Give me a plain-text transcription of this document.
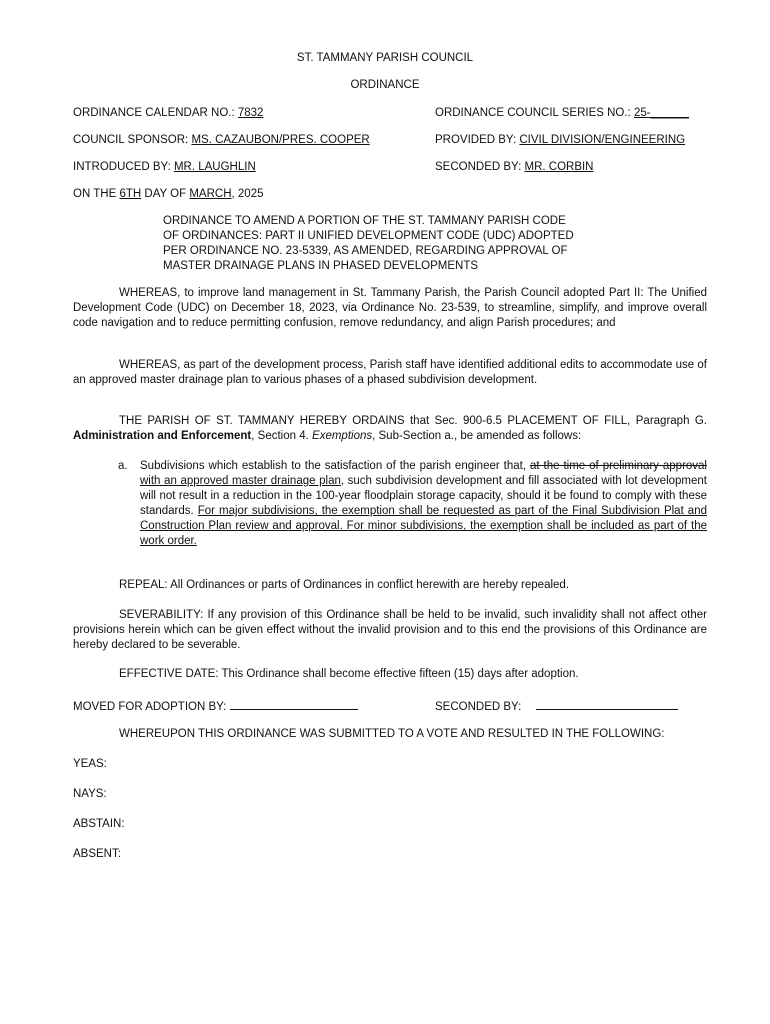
ST. TAMMANY PARISH COUNCIL
ORDINANCE
ORDINANCE CALENDAR NO.: 7832	ORDINANCE COUNCIL SERIES NO.: 25-______
COUNCIL SPONSOR: MS. CAZAUBON/PRES. COOPER	PROVIDED BY: CIVIL DIVISION/ENGINEERING
INTRODUCED BY: MR. LAUGHLIN	SECONDED BY: MR. CORBIN
ON THE 6TH DAY OF MARCH, 2025
ORDINANCE TO AMEND A PORTION OF THE ST. TAMMANY PARISH CODE
OF ORDINANCES: PART II UNIFIED DEVELOPMENT CODE (UDC) ADOPTED
PER ORDINANCE NO. 23-5339, AS AMENDED, REGARDING APPROVAL OF
MASTER DRAINAGE PLANS IN PHASED DEVELOPMENTS
WHEREAS, to improve land management in St. Tammany Parish, the Parish Council adopted Part II: The Unified Development Code (UDC) on December 18, 2023, via Ordinance No. 23-539, to streamline, simplify, and improve overall code navigation and to reduce permitting confusion, remove redundancy, and align Parish procedures; and
WHEREAS, as part of the development process, Parish staff have identified additional edits to accommodate use of an approved master drainage plan to various phases of a phased subdivision development.
THE PARISH OF ST. TAMMANY HEREBY ORDAINS that Sec. 900-6.5 PLACEMENT OF FILL, Paragraph G. Administration and Enforcement, Section 4. Exemptions, Sub-Section a., be amended as follows:
a. Subdivisions which establish to the satisfaction of the parish engineer that, at the time of preliminary approval with an approved master drainage plan, such subdivision development and fill associated with lot development will not result in a reduction in the 100-year floodplain storage capacity, should it be found to comply with these standards. For major subdivisions, the exemption shall be requested as part of the Final Subdivision Plat and Construction Plan review and approval. For minor subdivisions, the exemption shall be included as part of the work order.
REPEAL: All Ordinances or parts of Ordinances in conflict herewith are hereby repealed.
SEVERABILITY: If any provision of this Ordinance shall be held to be invalid, such invalidity shall not affect other provisions herein which can be given effect without the invalid provision and to this end the provisions of this Ordinance are hereby declared to be severable.
EFFECTIVE DATE: This Ordinance shall become effective fifteen (15) days after adoption.
MOVED FOR ADOPTION BY:	SECONDED BY:
WHEREUPON THIS ORDINANCE WAS SUBMITTED TO A VOTE AND RESULTED IN THE FOLLOWING:
YEAS:
NAYS:
ABSTAIN:
ABSENT:
